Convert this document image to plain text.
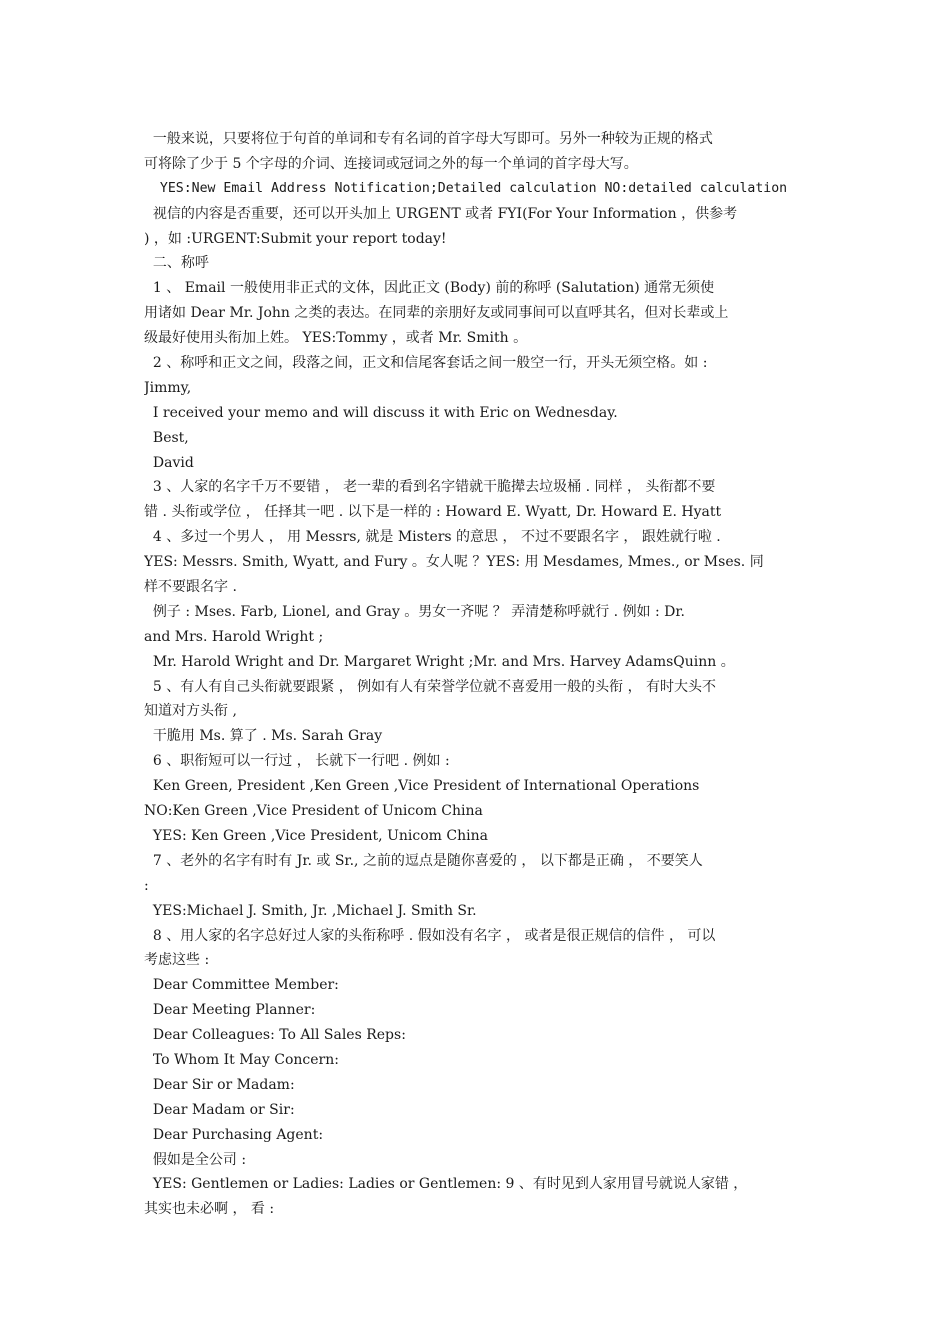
一般来说，只要将位于句首的单词和专有名词的首字母大写即可。另外一种较为正规的格式
可将除了少于 5 个字母的介词、连接词或冠词之外的每一个单词的首字母大写。
YES:New Email Address Notification;Detailed calculation NO:detailed calculation
视信的内容是否重要，还可以开头加上 URGENT 或者 FYI(For Your Information ，供参考
) ，如 :URGENT:Submit your report today!
二、称呼
1 、 Email 一般使用非正式的文体，因此正文 (Body) 前的称呼 (Salutation) 通常无须使
用诸如 Dear Mr. John 之类的表达。在同辈的亲朋好友或同事间可以直呼其名，但对长辈或上
级最好使用头衔加上姓。 YES:Tommy ，或者 Mr. Smith 。
2 、称呼和正文之间，段落之间，正文和信尾客套话之间一般空一行，开头无须空格。如 :
Jimmy,
I received your memo and will discuss it with Eric on Wednesday.
Best,
David
3 、人家的名字千万不要错 ， 老一辈的看到名字错就干脆撵去垃圾桶 . 同样 ， 头衔都不要
错 . 头衔或学位 ， 任择其一吧 . 以下是一样的 : Howard E. Wyatt, Dr. Howard E. Hyatt
4 、多过一个男人 ， 用 Messrs, 就是 Misters 的意思 ， 不过不要跟名字 ， 跟姓就行啦 .
YES: Messrs. Smith, Wyatt, and Fury 。女人呢 ？YES: 用 Mesdames, Mmes., or Mses. 同
样不要跟名字 .
例子 : Mses. Farb, Lionel, and Gray 。男女一齐呢 ？ 弄清楚称呼就行 . 例如 : Dr.
and Mrs. Harold Wright ;
Mr. Harold Wright and Dr. Margaret Wright ;Mr. and Mrs. Harvey AdamsQuinn 。
5 、有人有自己头衔就要跟紧 ， 例如有人有荣誉学位就不喜爱用一般的头衔 ， 有时大头不
知道对方头衔 ,
干脆用 Ms. 算了 . Ms. Sarah Gray
6 、职衔短可以一行过 ， 长就下一行吧 . 例如 :
Ken Green, President ,Ken Green ,Vice President of International Operations
NO:Ken Green ,Vice President of Unicom China
YES: Ken Green ,Vice President, Unicom China
7 、老外的名字有时有 Jr. 或 Sr., 之前的逗点是随你喜爱的 ， 以下都是正确 ， 不要笑人
:
YES:Michael J. Smith, Jr. ,Michael J. Smith Sr.
8 、用人家的名字总好过人家的头衔称呼 . 假如没有名字 ， 或者是很正规信的信件 ， 可以
考虑这些 :
Dear Committee Member:
Dear Meeting Planner:
Dear Colleagues: To All Sales Reps:
To Whom It May Concern:
Dear Sir or Madam:
Dear Madam or Sir:
Dear Purchasing Agent:
假如是全公司 :
YES: Gentlemen or Ladies: Ladies or Gentlemen: 9 、有时见到人家用冒号就说人家错 ，
其实也未必啊 ， 看 :
